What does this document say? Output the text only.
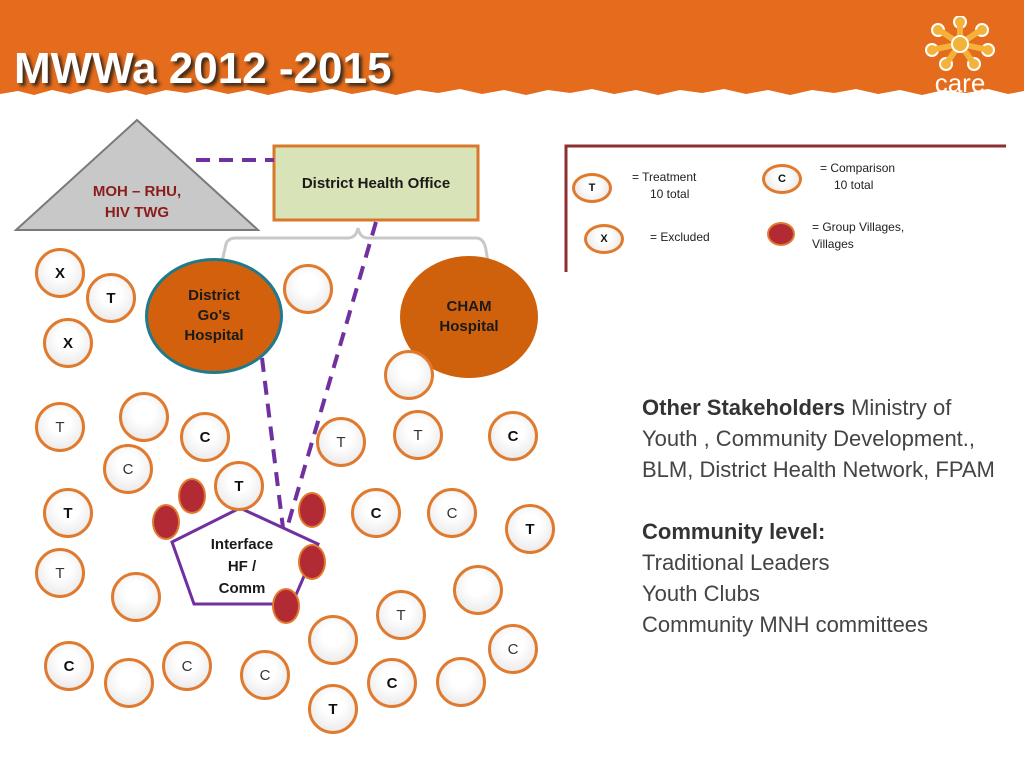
MWWa 2012 -2015	care
MOH – RHU, HIV TWG
District Health Office
Interface HF / Comm
District Go's Hospital
CHAM Hospital
X
T
X
T
C	T	T	C
C
T
T	C	C
T
T
T
C
C	C
C	C
T
T
= Treatment
10 total
C
= Comparison
10 total
X	= Excluded
= Group Villages,
Villages
Other Stakeholders Ministry of Youth , Community Development., BLM, District Health Network, FPAM
Community level:
Traditional Leaders
Youth Clubs
Community MNH committees
